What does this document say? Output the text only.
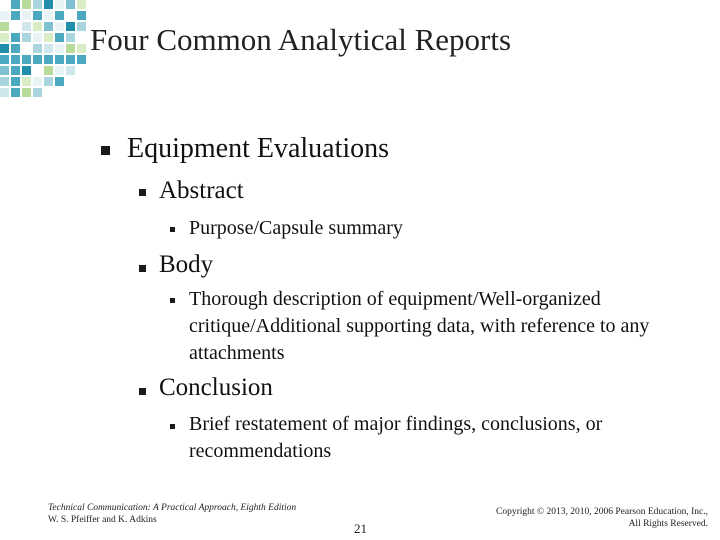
Four Common Analytical Reports
Equipment Evaluations
Abstract
Purpose/Capsule summary
Body
Thorough description of equipment/Well-organized critique/Additional supporting data, with reference to any attachments
Conclusion
Brief restatement of major findings, conclusions, or recommendations
Technical Communication: A Practical Approach, Eighth Edition
W. S. Pfeiffer and K. Adkins
21
Copyright © 2013, 2010, 2006 Pearson Education, Inc.,
All Rights Reserved.
